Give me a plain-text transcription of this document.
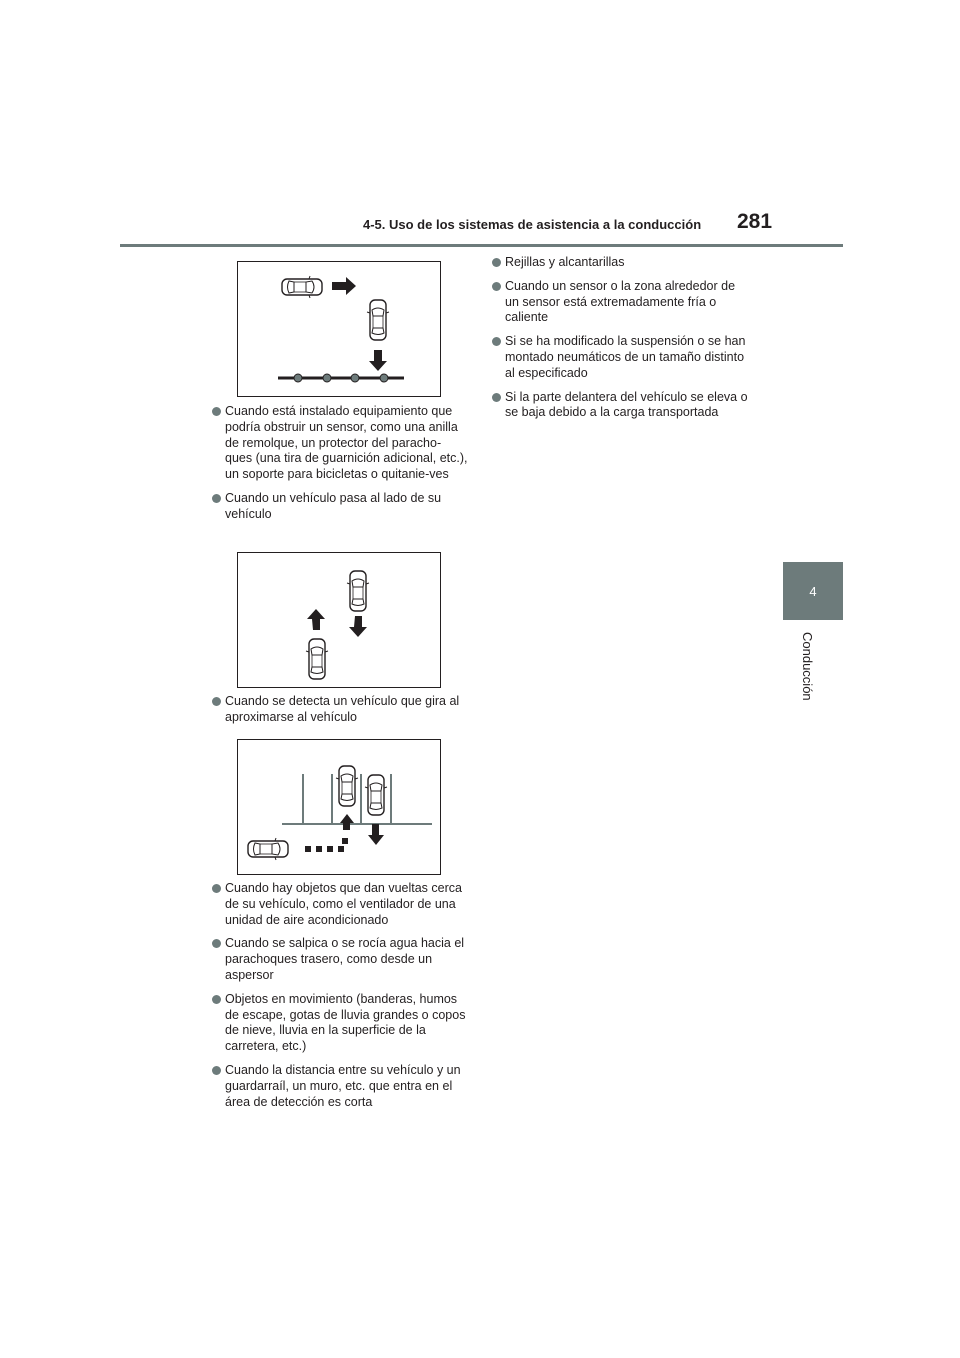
4-5. Uso de los sistemas de asistencia a la conducción 281
4
Conducción
Cuando está instalado equipamiento que podría obstruir un sensor, como una anilla de remolque, un protector del paracho-ques (una tira de guarnición adicional, etc.), un soporte para bicicletas o quitanie-ves
Cuando un vehículo pasa al lado de su vehículo
Cuando se detecta un vehículo que gira al aproximarse al vehículo
Cuando hay objetos que dan vueltas cerca de su vehículo, como el ventilador de una unidad de aire acondicionado
Cuando se salpica o se rocía agua hacia el parachoques trasero, como desde un aspersor
Objetos en movimiento (banderas, humos de escape, gotas de lluvia grandes o copos de nieve, lluvia en la superficie de la carretera, etc.)
Cuando la distancia entre su vehículo y un guardarraíl, un muro, etc. que entra en el área de detección es corta
Rejillas y alcantarillas
Cuando un sensor o la zona alrededor de un sensor está extremadamente fría o caliente
Si se ha modificado la suspensión o se han montado neumáticos de un tamaño distinto al especificado
Si la parte delantera del vehículo se eleva o se baja debido a la carga transportada
